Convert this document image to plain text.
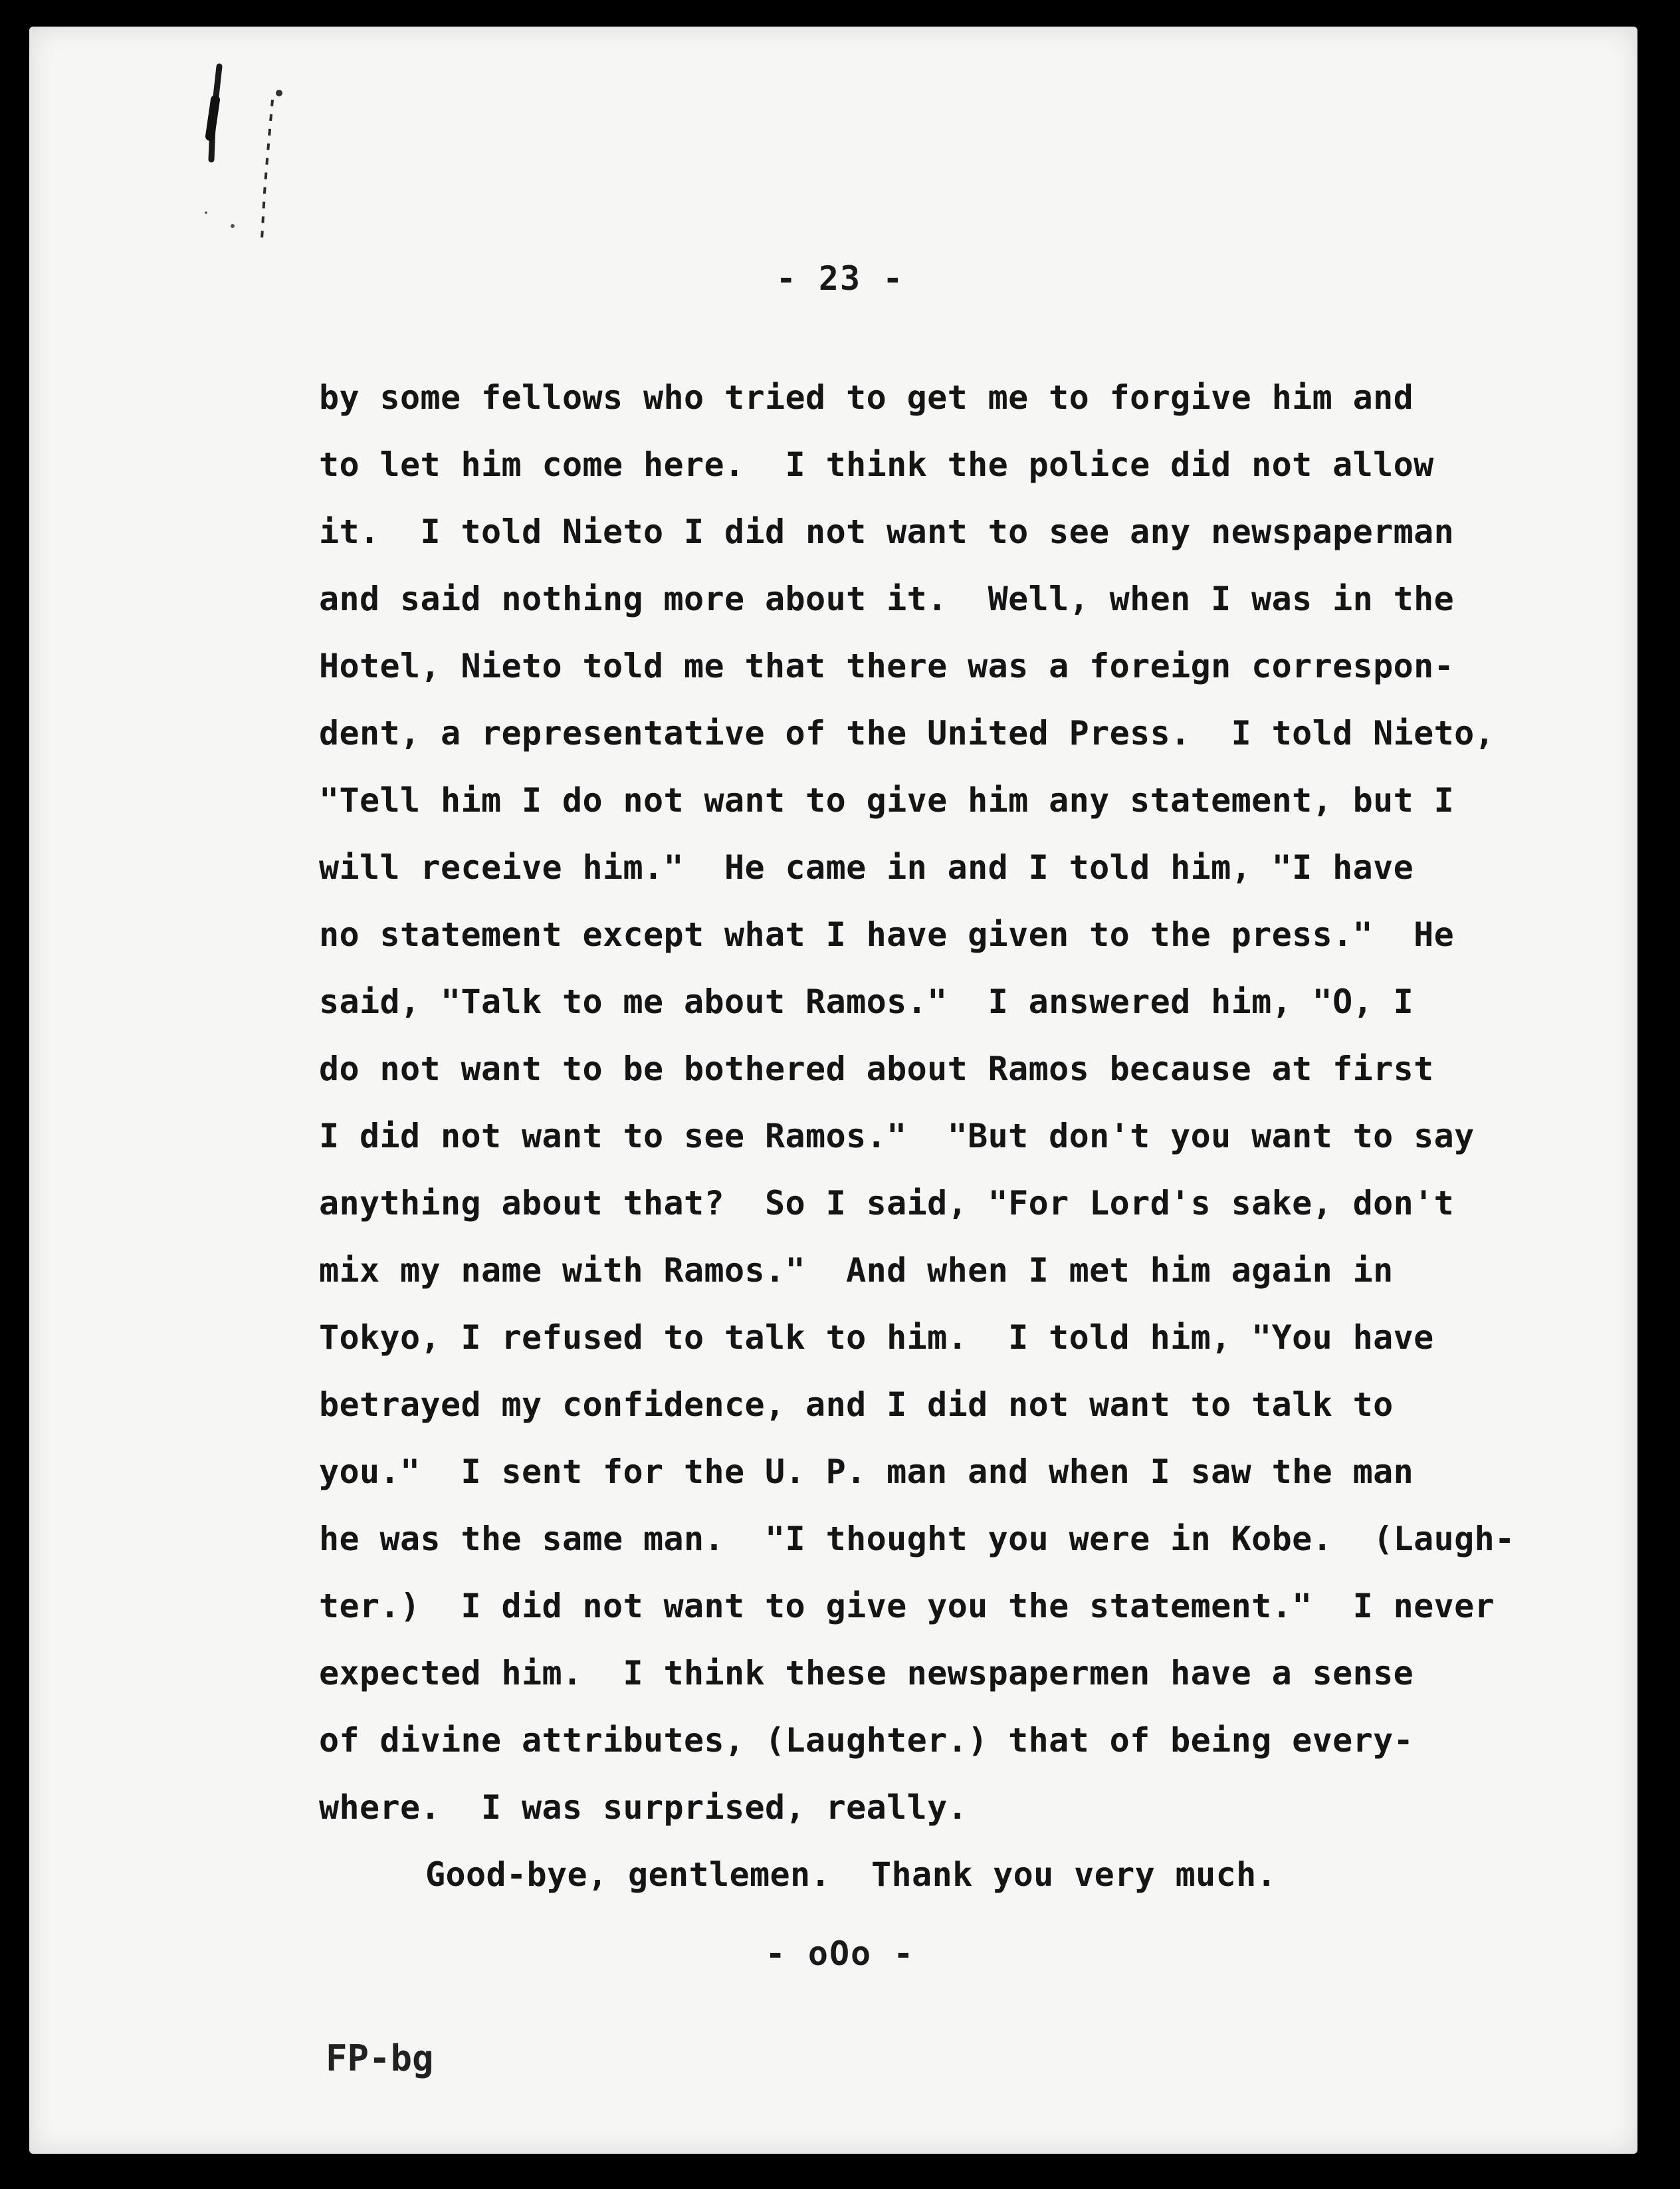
- 23 -
by some fellows who tried to get me to forgive him and
to let him come here.  I think the police did not allow
it.  I told Nieto I did not want to see any newspaperman
and said nothing more about it.  Well, when I was in the
Hotel, Nieto told me that there was a foreign correspon-
dent, a representative of the United Press.  I told Nieto,
"Tell him I do not want to give him any statement, but I
will receive him."  He came in and I told him, "I have
no statement except what I have given to the press."  He
said, "Talk to me about Ramos."  I answered him, "O, I
do not want to be bothered about Ramos because at first
I did not want to see Ramos."  "But don't you want to say
anything about that?  So I said, "For Lord's sake, don't
mix my name with Ramos."  And when I met him again in
Tokyo, I refused to talk to him.  I told him, "You have
betrayed my confidence, and I did not want to talk to
you."  I sent for the U. P. man and when I saw the man
he was the same man.  "I thought you were in Kobe.  (Laugh-
ter.)  I did not want to give you the statement."  I never
expected him.  I think these newspapermen have a sense
of divine attributes, (Laughter.) that of being every-
where.  I was surprised, really.
Good-bye, gentlemen.  Thank you very much.
- oOo -
FP-bg
